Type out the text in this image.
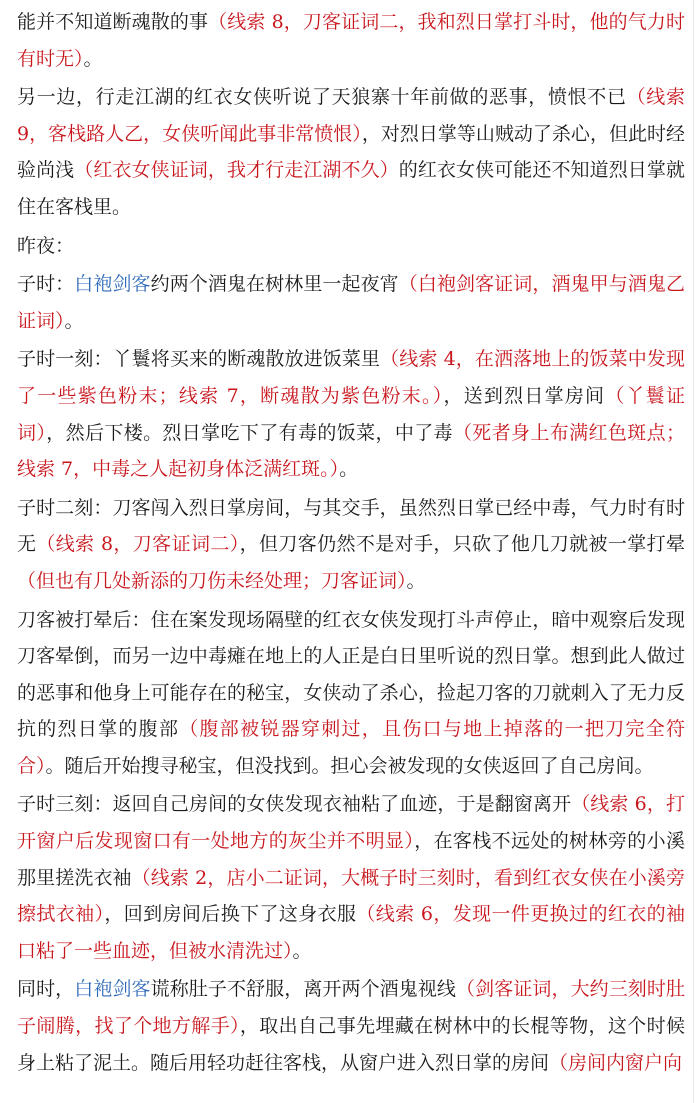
能并不知道断魂散的事（线索 8，刀客证词二，我和烈日掌打斗时，他的气力时有时无）。

另一边，行走江湖的红衣女侠听说了天狼寨十年前做的恶事，愤恨不已（线索 9，客栈路人乙，女侠听闻此事非常愤恨），对烈日掌等山贼动了杀心，但此时经验尚浅（红衣女侠证词，我才行走江湖不久）的红衣女侠可能还不知道烈日掌就住在客栈里。

昨夜：

子时：白袍剑客约两个酒鬼在树林里一起夜宵（白袍剑客证词，酒鬼甲与酒鬼乙证词）。

子时一刻：丫鬟将买来的断魂散放进饭菜里（线索 4，在洒落地上的饭菜中发现了一些紫色粉末；线索 7，断魂散为紫色粉末。），送到烈日掌房间（丫鬟证词），然后下楼。烈日掌吃下了有毒的饭菜，中了毒（死者身上布满红色斑点；线索 7，中毒之人起初身体泛满红斑。）。

子时二刻：刀客闯入烈日掌房间，与其交手，虽然烈日掌已经中毒，气力时有时无（线索 8，刀客证词二），但刀客仍然不是对手，只砍了他几刀就被一掌打晕（但也有几处新添的刀伤未经处理；刀客证词）。

刀客被打晕后：住在案发现场隔壁的红衣女侠发现打斗声停止，暗中观察后发现刀客晕倒，而另一边中毒瘫在地上的人正是白日里听说的烈日掌。想到此人做过的恶事和他身上可能存在的秘宝，女侠动了杀心，捡起刀客的刀就刺入了无力反抗的烈日掌的腹部（腹部被锐器穿刺过，且伤口与地上掉落的一把刀完全符合）。随后开始搜寻秘宝，但没找到。担心会被发现的女侠返回了自己房间。

子时三刻：返回自己房间的女侠发现衣袖粘了血迹，于是翻窗离开（线索 6，打开窗户后发现窗口有一处地方的灰尘并不明显），在客栈不远处的树林旁的小溪那里搓洗衣袖（线索 2，店小二证词，大概子时三刻时，看到红衣女侠在小溪旁擦拭衣袖），回到房间后换下了这身衣服（线索 6，发现一件更换过的红衣的袖口粘了一些血迹，但被水清洗过）。

同时，白袍剑客谎称肚子不舒服，离开两个酒鬼视线（剑客证词，大约三刻时肚子闹腾，找了个地方解手），取出自己事先埋藏在树林中的长棍等物，这个时候身上粘了泥土。随后用轻功赶往客栈，从窗户进入烈日掌的房间（房间内窗户向
